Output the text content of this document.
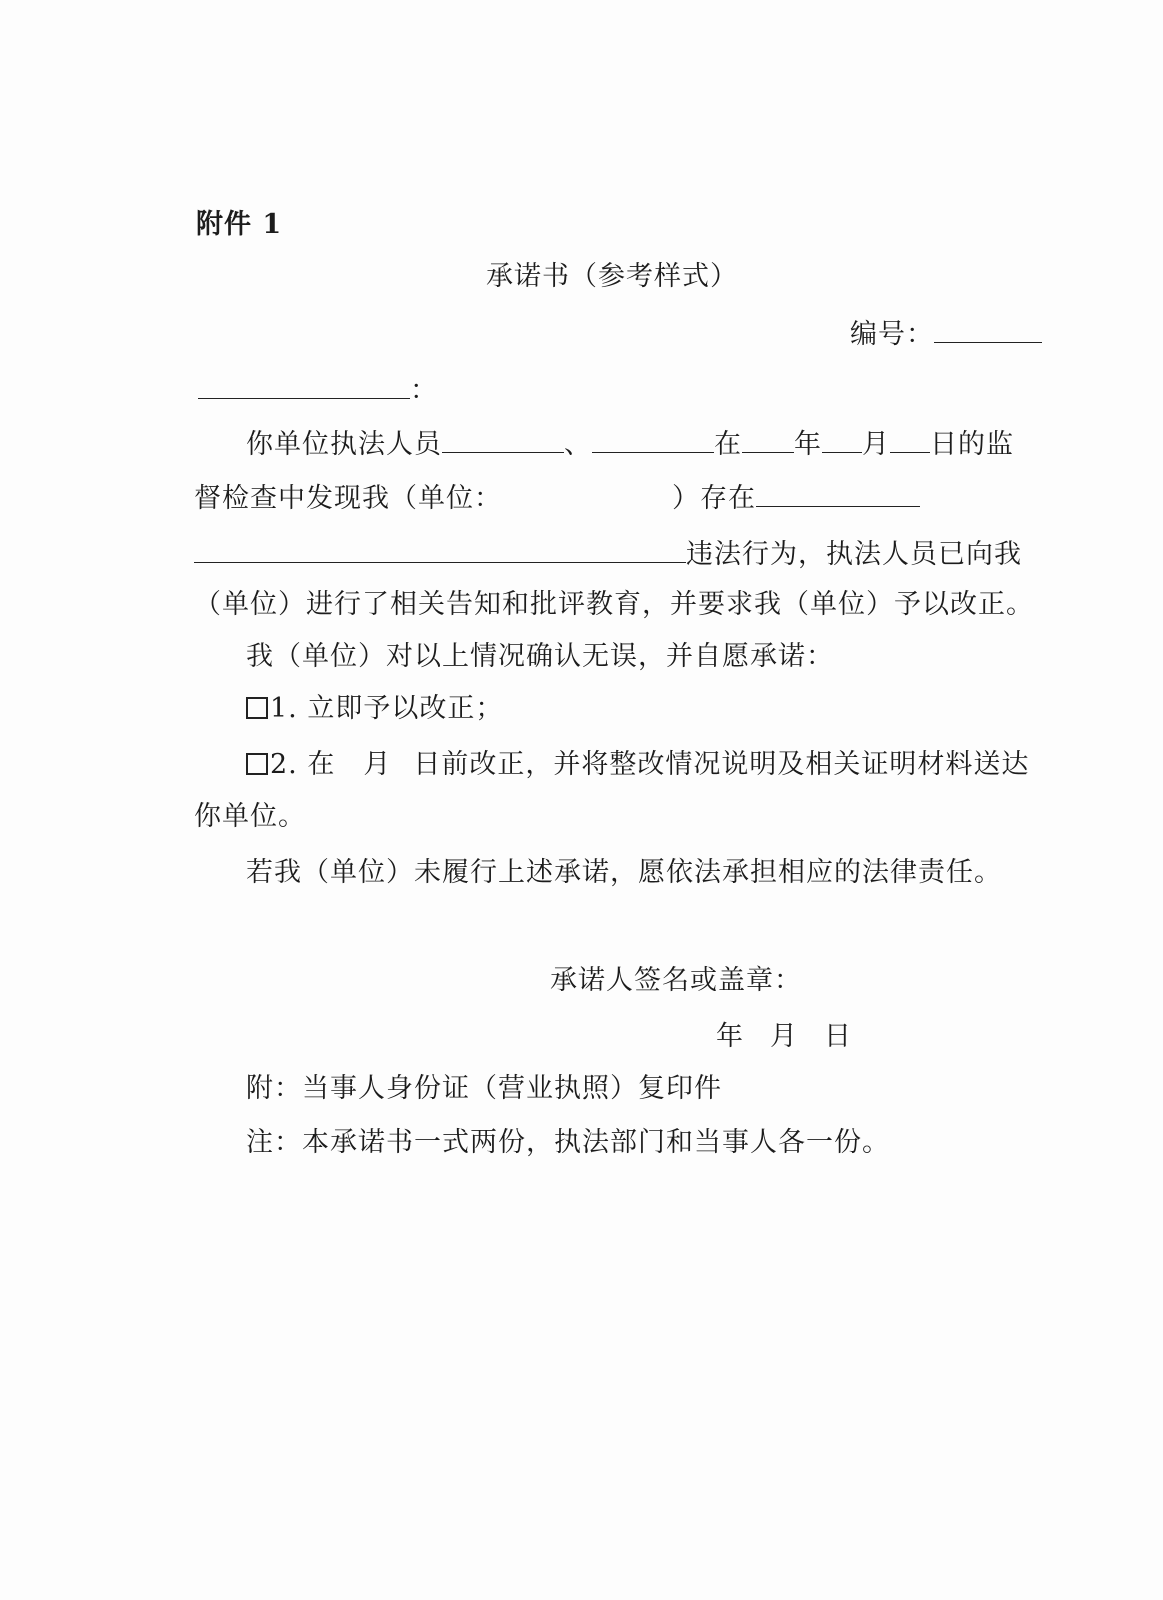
附件 1
承诺书（参考样式）
编号：
：
你单位执法人员	、	在 年 月 日的监
督检查中发现我（单位：	）存在
违法行为，执法人员已向我
（单位）进行了相关告知和批评教育，并要求我（单位）予以改正。
我（单位）对以上情况确认无误，并自愿承诺：
1. 立即予以改正；
2. 在 月 日前改正，并将整改情况说明及相关证明材料送达
你单位。
若我（单位）未履行上述承诺，愿依法承担相应的法律责任。
承诺人签名或盖章：
年 月 日
附：当事人身份证（营业执照）复印件
注：本承诺书一式两份，执法部门和当事人各一份。
